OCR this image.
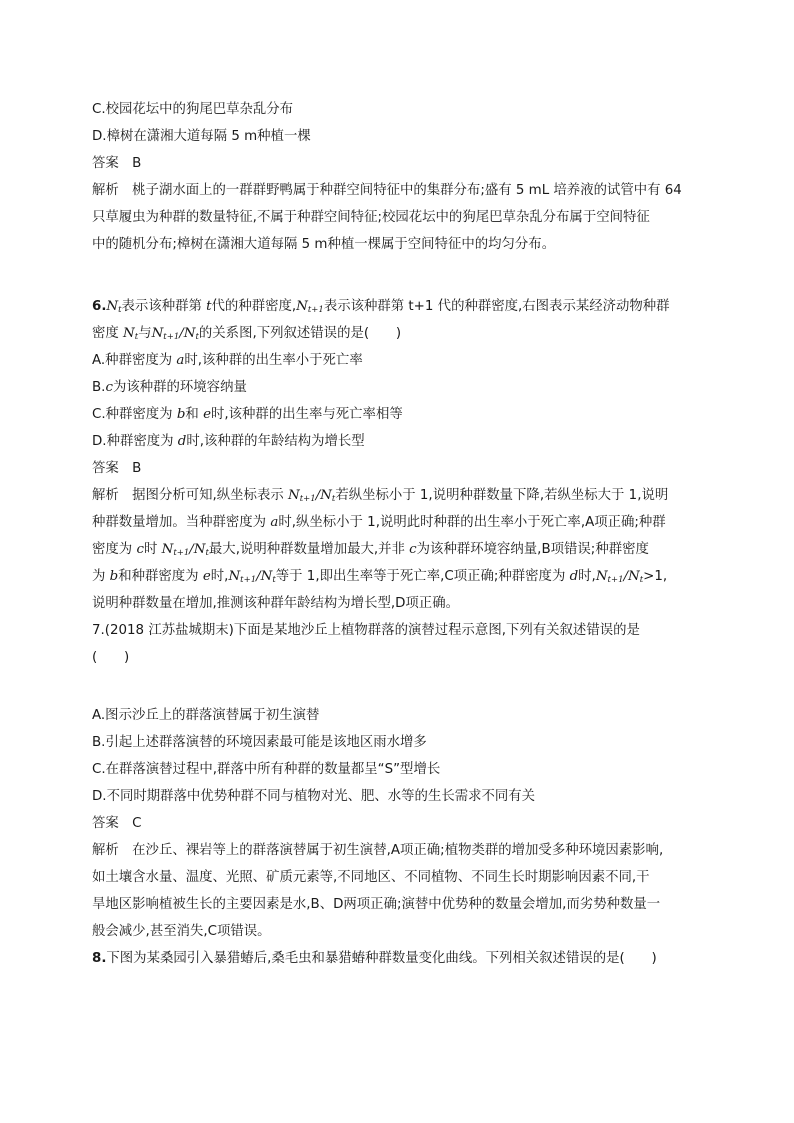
C.校园花坛中的狗尾巴草杂乱分布
D.樟树在潇湘大道每隔 5 m种植一棵
答案　B
解析　桃子湖水面上的一群群野鸭属于种群空间特征中的集群分布;盛有 5 mL 培养液的试管中有 64
只草履虫为种群的数量特征,不属于种群空间特征;校园花坛中的狗尾巴草杂乱分布属于空间特征
中的随机分布;樟树在潇湘大道每隔 5 m种植一棵属于空间特征中的均匀分布。
$6.N_t$表示该种群第 t代的种群密度$,N_{t+1}$表示该种群第 t+1 代的种群密度,右图表示某经济动物种群
密度 $N_t$与$N_{t+1}/N_t$的关系图,下列叙述错误的是(　　)
A.种群密度为 a时,该种群的出生率小于死亡率
B.c为该种群的环境容纳量
C.种群密度为 b和 e时,该种群的出生率与死亡率相等
D.种群密度为 d时,该种群的年龄结构为增长型
答案　B
解析　据图分析可知,纵坐标表示 $N_{t+1}/N_t$若纵坐标小于 1,说明种群数量下降,若纵坐标大于 1,说明
种群数量增加。当种群密度为 a时,纵坐标小于 1,说明此时种群的出生率小于死亡率,A项正确;种群
密度为 c时 $N_{t+1}/N_t$最大,说明种群数量增加最大,并非 c为该种群环境容纳量,B项错误;种群密度
为 b和种群密度为 e时$,N_{t+1}/N_t$等于 1,即出生率等于死亡率,C项正确;种群密度为 d时$,N_{t+1}/N_t>1$,
说明种群数量在增加,推测该种群年龄结构为增长型,D项正确。
7.(2018 江苏盐城期末)下面是某地沙丘上植物群落的演替过程示意图,下列有关叙述错误的是
(　　)
A.图示沙丘上的群落演替属于初生演替
B.引起上述群落演替的环境因素最可能是该地区雨水增多
C.在群落演替过程中,群落中所有种群的数量都呈“S”型增长
D.不同时期群落中优势种群不同与植物对光、肥、水等的生长需求不同有关
答案　C
解析　在沙丘、裸岩等上的群落演替属于初生演替,A项正确;植物类群的增加受多种环境因素影响,
如土壤含水量、温度、光照、矿质元素等,不同地区、不同植物、不同生长时期影响因素不同,干
旱地区影响植被生长的主要因素是水,B、D两项正确;演替中优势种的数量会增加,而劣势种数量一
般会减少,甚至消失,C项错误。
8.下图为某桑园引入暴猎蝽后,桑毛虫和暴猎蝽种群数量变化曲线。下列相关叙述错误的是(　　)
